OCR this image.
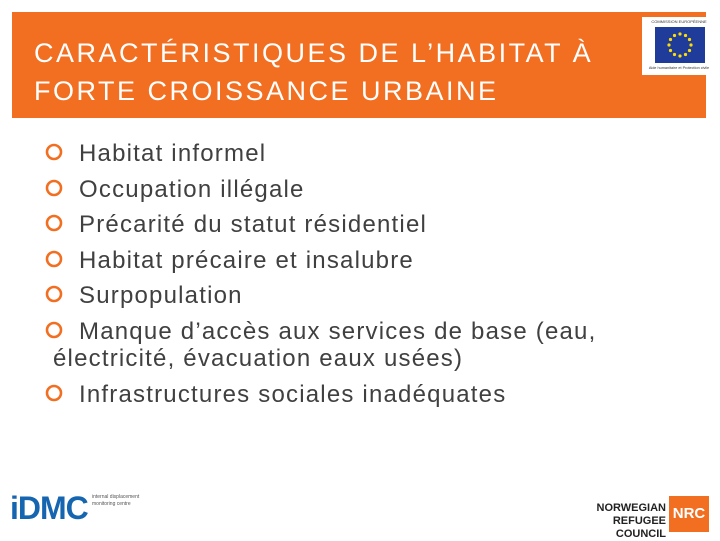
CARACTÉRISTIQUES DE L’HABITAT À
FORTE CROISSANCE URBAINE
COMMISSION EUROPÉENNE
Aide humanitaire et Protection civile
Habitat informel
Occupation illégale
Précarité du statut résidentiel
Habitat précaire et insalubre
Surpopulation
Manque d’accès aux services de base (eau,
électricité, évacuation eaux usées)
Infrastructures sociales inadéquates
iDMC internal displacement monitoring centre	NORWEGIAN
REFUGEE COUNCIL
NRC
